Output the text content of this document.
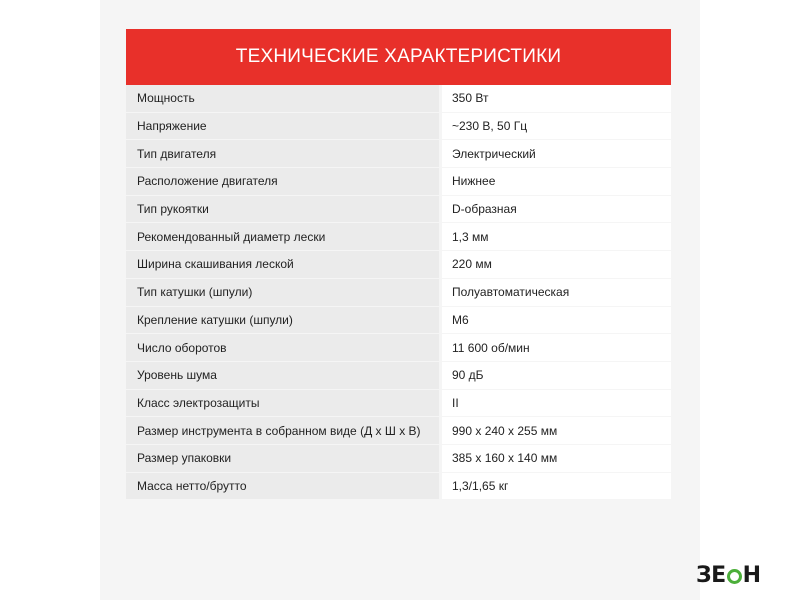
ТЕХНИЧЕСКИЕ ХАРАКТЕРИСТИКИ
Мощность		350 Вт
Напряжение		~230 В, 50 Гц
Тип двигателя		Электрический
Расположение двигателя		Нижнее
Тип рукоятки		D-образная
Рекомендованный диаметр лески		1,3 мм
Ширина скашивания леской		220 мм
Тип катушки (шпули)		Полуавтоматическая
Крепление катушки (шпули)		М6
Число оборотов		11 600 об/мин
Уровень шума		90 дБ
Класс электрозащиты		II
Размер инструмента в собранном виде (Д x Ш x В)		990 x 240 x 255 мм
Размер упаковки		385 x 160 x 140 мм
Масса нетто/брутто		1,3/1,65 кг
ЗЕ Н
